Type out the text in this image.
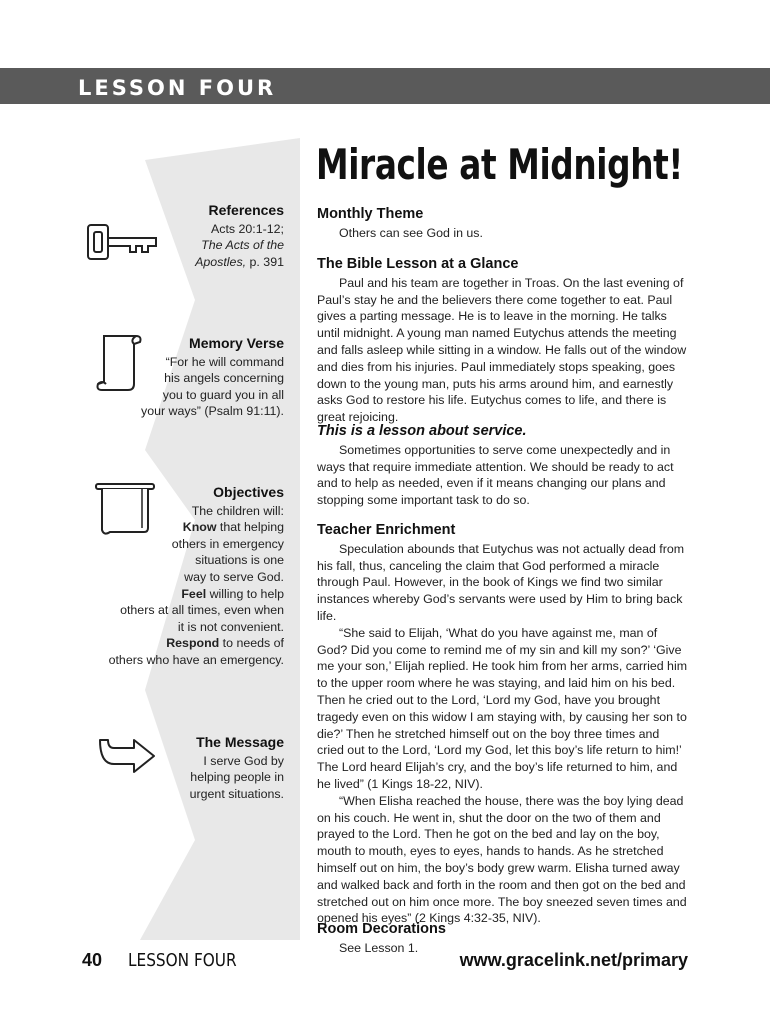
LESSON FOUR
Miracle at Midnight!
References

Acts 20:1-12;

The Acts of the

Apostles, p. 391

Memory Verse

“For he will command

his angels concerning

you to guard you in all

your ways” (Psalm 91:11).

Objectives

The children will:

Know that helping

others in emergency

situations is one

way to serve God.

Feel willing to help

others at all times, even when

it is not convenient.

Respond to needs of

others who have an emergency.

The Message

I serve God by

helping people in

urgent situations.

Monthly Theme

Others can see God in us.

The Bible Lesson at a Glance

Paul and his team are together in Troas. On the last evening of Paul’s stay he and the believers there come together to eat. Paul gives a parting message. He is to leave in the morning. He talks until midnight. A young man named Eutychus attends the meeting and falls asleep while sitting in a window. He falls out of the window and dies from his injuries. Paul immediately stops speaking, goes down to the young man, puts his arms around him, and earnestly asks God to restore his life. Eutychus comes to life, and there is great rejoicing.

This is a lesson about service.

Sometimes opportunities to serve come unexpectedly and in ways that require immediate attention. We should be ready to act and to help as needed, even if it means changing our plans and stopping some important task to do so.

Teacher Enrichment

Speculation abounds that Eutychus was not actually dead from his fall, thus, canceling the claim that God performed a miracle through Paul. However, in the book of Kings we find two similar instances whereby God’s servants were used by Him to bring back life.

“She said to Elijah, ‘What do you have against me, man of God? Did you come to remind me of my sin and kill my son?’ ‘Give me your son,’ Elijah replied. He took him from her arms, carried him to the upper room where he was staying, and laid him on his bed. Then he cried out to the Lord, ‘Lord my God, have you brought tragedy even on this widow I am staying with, by causing her son to die?’ Then he stretched himself out on the boy three times and cried out to the Lord, ‘Lord my God, let this boy’s life return to him!’ The Lord heard Elijah’s cry, and the boy’s life returned to him, and he lived” (1 Kings 18-22, NIV).

“When Elisha reached the house, there was the boy lying dead on his couch. He went in, shut the door on the two of them and prayed to the Lord. Then he got on the bed and lay on the boy, mouth to mouth, eyes to eyes, hands to hands. As he stretched himself out on him, the boy’s body grew warm. Elisha turned away and walked back and forth in the room and then got on the bed and stretched out on him once more. The boy sneezed seven times and opened his eyes” (2 Kings 4:32-35, NIV).

Room Decorations

See Lesson 1.

40 LESSON FOUR	www.gracelink.net/primary
